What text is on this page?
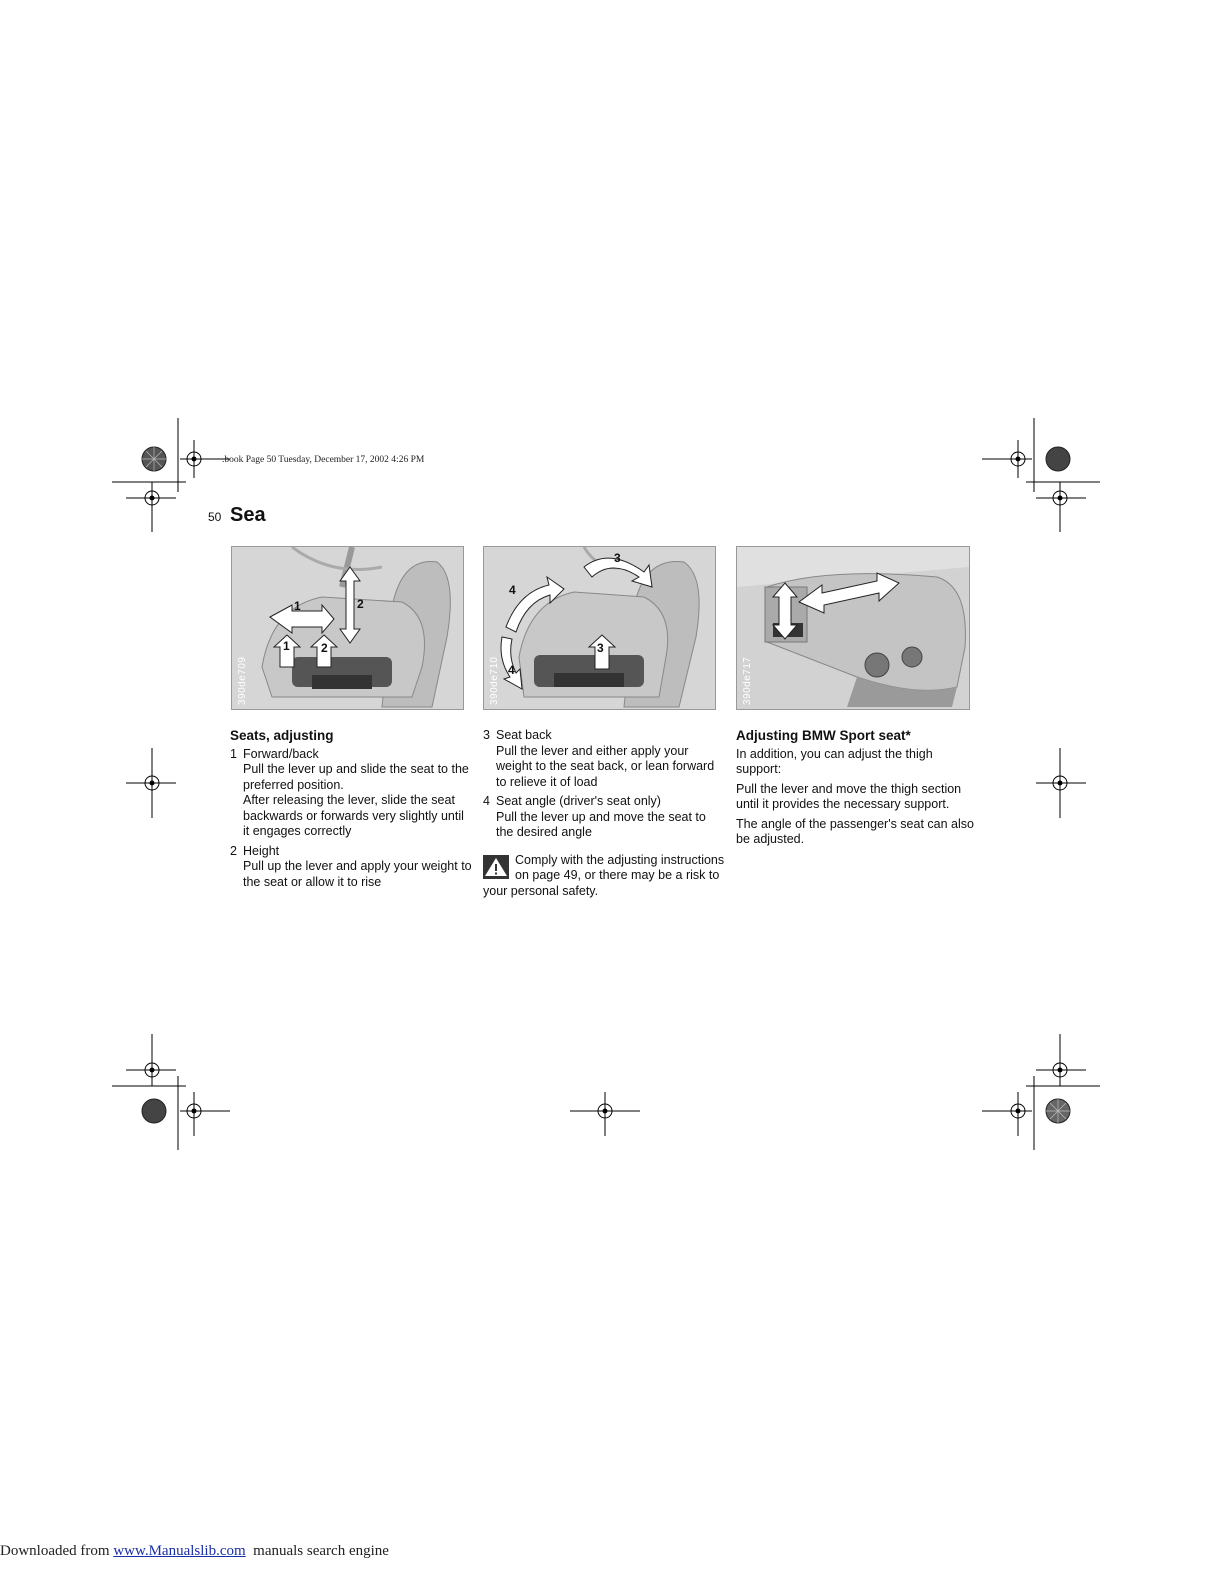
.book Page 50 Tuesday, December 17, 2002 4:26 PM
50 Sea
1	2
1	2
390de709
3
4
3
4
390de710	390de717
Seats, adjusting
1 Forward/back
Pull the lever up and slide the seat to the preferred position.
After releasing the lever, slide the seat backwards or forwards very slightly until it engages correctly
2 Height
Pull up the lever and apply your weight to the seat or allow it to rise
3 Seat back
Pull the lever and either apply your weight to the seat back, or lean forward to relieve it of load
4 Seat angle (driver's seat only)
Pull the lever up and move the seat to the desired angle
Comply with the adjusting instructions on page 49, or there may be a risk to your personal safety.
Adjusting BMW Sport seat*

In addition, you can adjust the thigh support:

Pull the lever and move the thigh section until it provides the necessary support.

The angle of the passenger's seat can also be adjusted.

Downloaded from www.Manualslib.com  manuals search engine
